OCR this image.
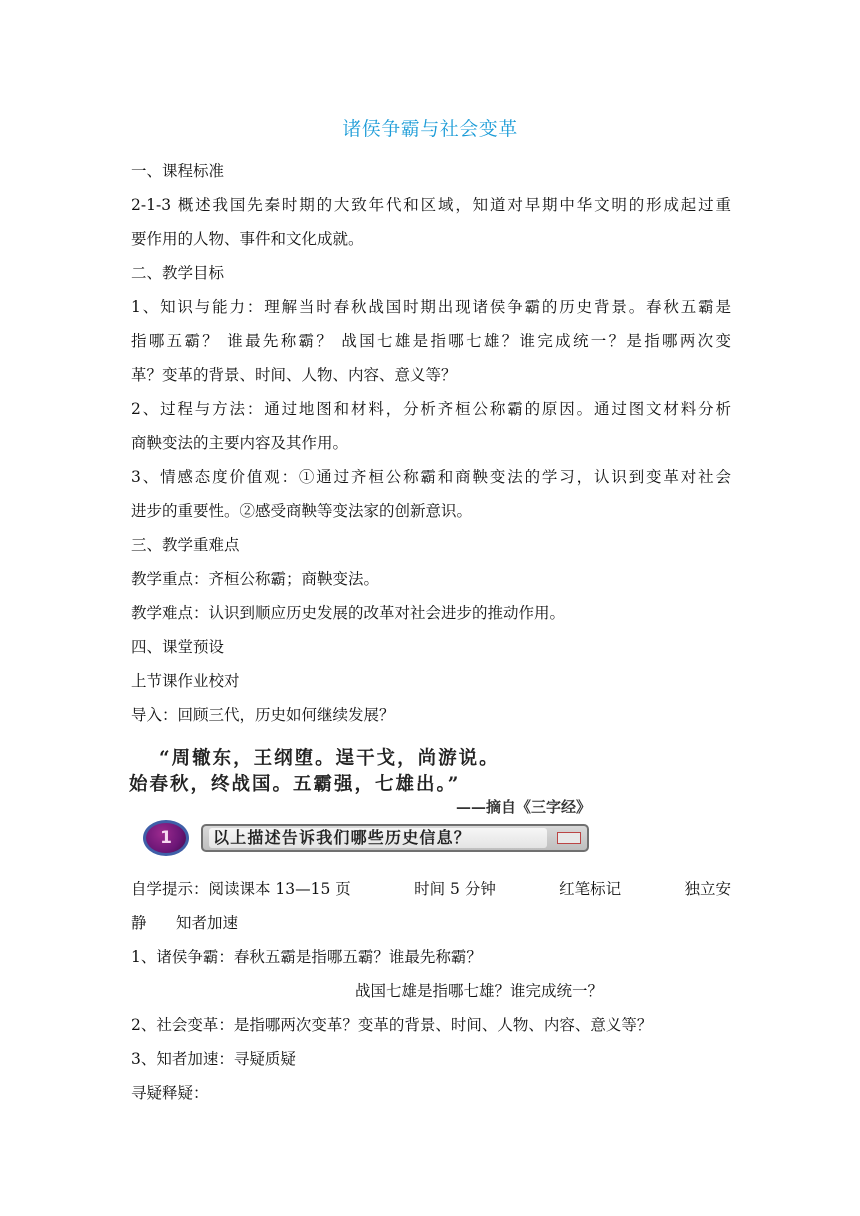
诸侯争霸与社会变革
一、课程标准
2-1-3 概述我国先秦时期的大致年代和区域，知道对早期中华文明的形成起过重
要作用的人物、事件和文化成就。
二、教学目标
1、知识与能力：理解当时春秋战国时期出现诸侯争霸的历史背景。春秋五霸是
指哪五霸？ 谁最先称霸？ 战国七雄是指哪七雄？谁完成统一？是指哪两次变
革？变革的背景、时间、人物、内容、意义等？
2、过程与方法：通过地图和材料，分析齐桓公称霸的原因。通过图文材料分析
商鞅变法的主要内容及其作用。
3、情感态度价值观：①通过齐桓公称霸和商鞅变法的学习，认识到变革对社会
进步的重要性。②感受商鞅等变法家的创新意识。
三、教学重难点
教学重点：齐桓公称霸；商鞅变法。
教学难点：认识到顺应历史发展的改革对社会进步的推动作用。
四、课堂预设
上节课作业校对
导入：回顾三代，历史如何继续发展？
“周辙东，王纲堕。逞干戈，尚游说。
始春秋，终战国。五霸强，七雄出。”
——摘自《三字经》
1	以上描述告诉我们哪些历史信息？
自学提示：阅读课本 13—15 页	时间 5 分钟	红笔标记	独立安
静      知者加速
1、诸侯争霸：春秋五霸是指哪五霸？谁最先称霸？
战国七雄是指哪七雄？谁完成统一？
2、社会变革：是指哪两次变革？变革的背景、时间、人物、内容、意义等？
3、知者加速：寻疑质疑
寻疑释疑：
